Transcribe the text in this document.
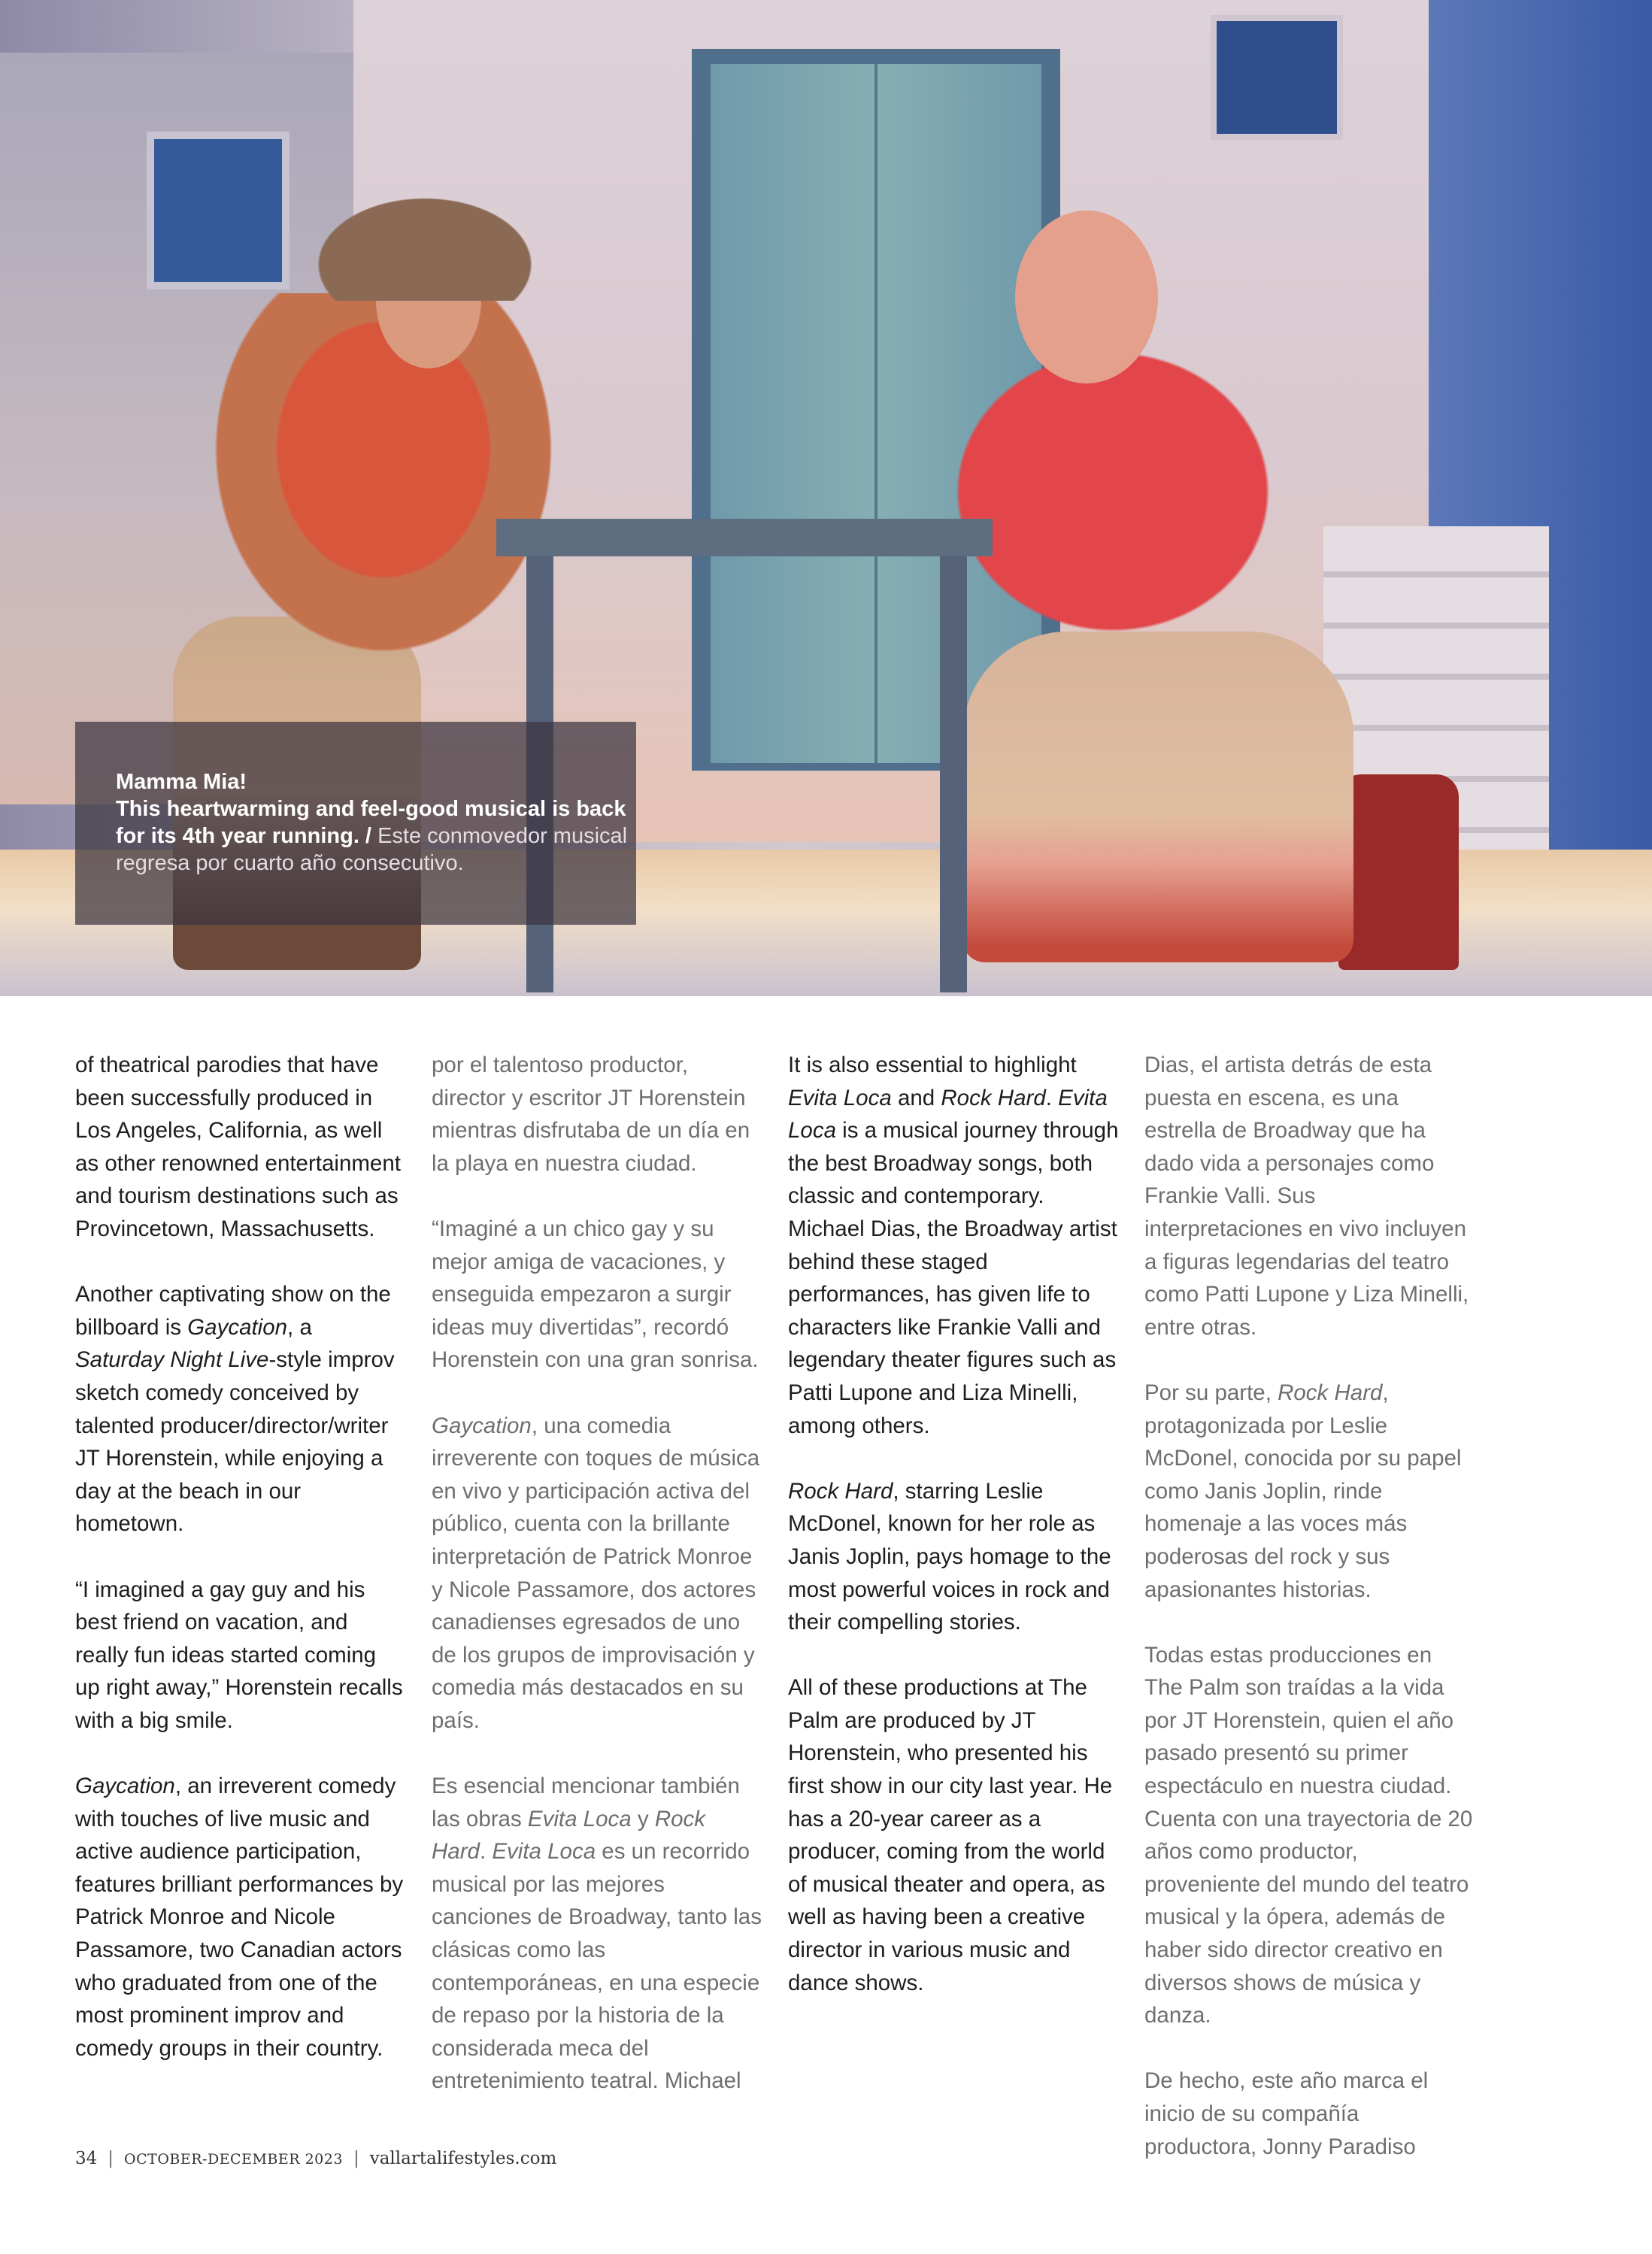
Mamma Mia!
This heartwarming and feel-good musical is back for its 4th year running. / Este conmovedor musical regresa por cuarto año consecutivo.

of theatrical parodies that have been successfully produced in Los Angeles, California, as well as other renowned entertainment and tourism destinations such as Provincetown, Massachusetts.

Another captivating show on the billboard is Gaycation, a Saturday Night Live-style improv sketch comedy conceived by talented producer/director/writer JT Horenstein, while enjoying a day at the beach in our hometown.

“I imagined a gay guy and his best friend on vacation, and really fun ideas started coming up right away,” Horenstein recalls with a big smile.

Gaycation, an irreverent comedy with touches of live music and active audience participation, features brilliant performances by Patrick Monroe and Nicole Passamore, two Canadian actors who graduated from one of the most prominent improv and comedy groups in their country.

por el talentoso productor, director y escritor JT Horenstein mientras disfrutaba de un día en la playa en nuestra ciudad.

“Imaginé a un chico gay y su mejor amiga de vacaciones, y enseguida empezaron a surgir ideas muy divertidas”, recordó Horenstein con una gran sonrisa.

Gaycation, una comedia irreverente con toques de música en vivo y participación activa del público, cuenta con la brillante interpretación de Patrick Monroe y Nicole Passamore, dos actores canadienses egresados de uno de los grupos de improvisación y comedia más destacados en su país.

Es esencial mencionar también las obras Evita Loca y Rock Hard. Evita Loca es un recorrido musical por las mejores canciones de Broadway, tanto las clásicas como las contemporáneas, en una especie de repaso por la historia de la considerada meca del entretenimiento teatral. Michael

It is also essential to highlight Evita Loca and Rock Hard. Evita Loca is a musical journey through the best Broadway songs, both classic and contemporary. Michael Dias, the Broadway artist behind these staged performances, has given life to characters like Frankie Valli and legendary theater figures such as Patti Lupone and Liza Minelli, among others.

Rock Hard, starring Leslie McDonel, known for her role as Janis Joplin, pays homage to the most powerful voices in rock and their compelling stories.

All of these productions at The Palm are produced by JT Horenstein, who presented his first show in our city last year. He has a 20-year career as a producer, coming from the world of musical theater and opera, as well as having been a creative director in various music and dance shows.

Dias, el artista detrás de esta puesta en escena, es una estrella de Broadway que ha dado vida a personajes como Frankie Valli. Sus interpretaciones en vivo incluyen a figuras legendarias del teatro como Patti Lupone y Liza Minelli, entre otras.

Por su parte, Rock Hard, protagonizada por Leslie McDonel, conocida por su papel como Janis Joplin, rinde homenaje a las voces más poderosas del rock y sus apasionantes historias.

Todas estas producciones en The Palm son traídas a la vida por JT Horenstein, quien el año pasado presentó su primer espectáculo en nuestra ciudad. Cuenta con una trayectoria de 20 años como productor, proveniente del mundo del teatro musical y la ópera, además de haber sido director creativo en diversos shows de música y danza.

De hecho, este año marca el inicio de su compañía productora, Jonny Paradiso

34 | OCTOBER-DECEMBER 2023 | vallartalifestyles.com
